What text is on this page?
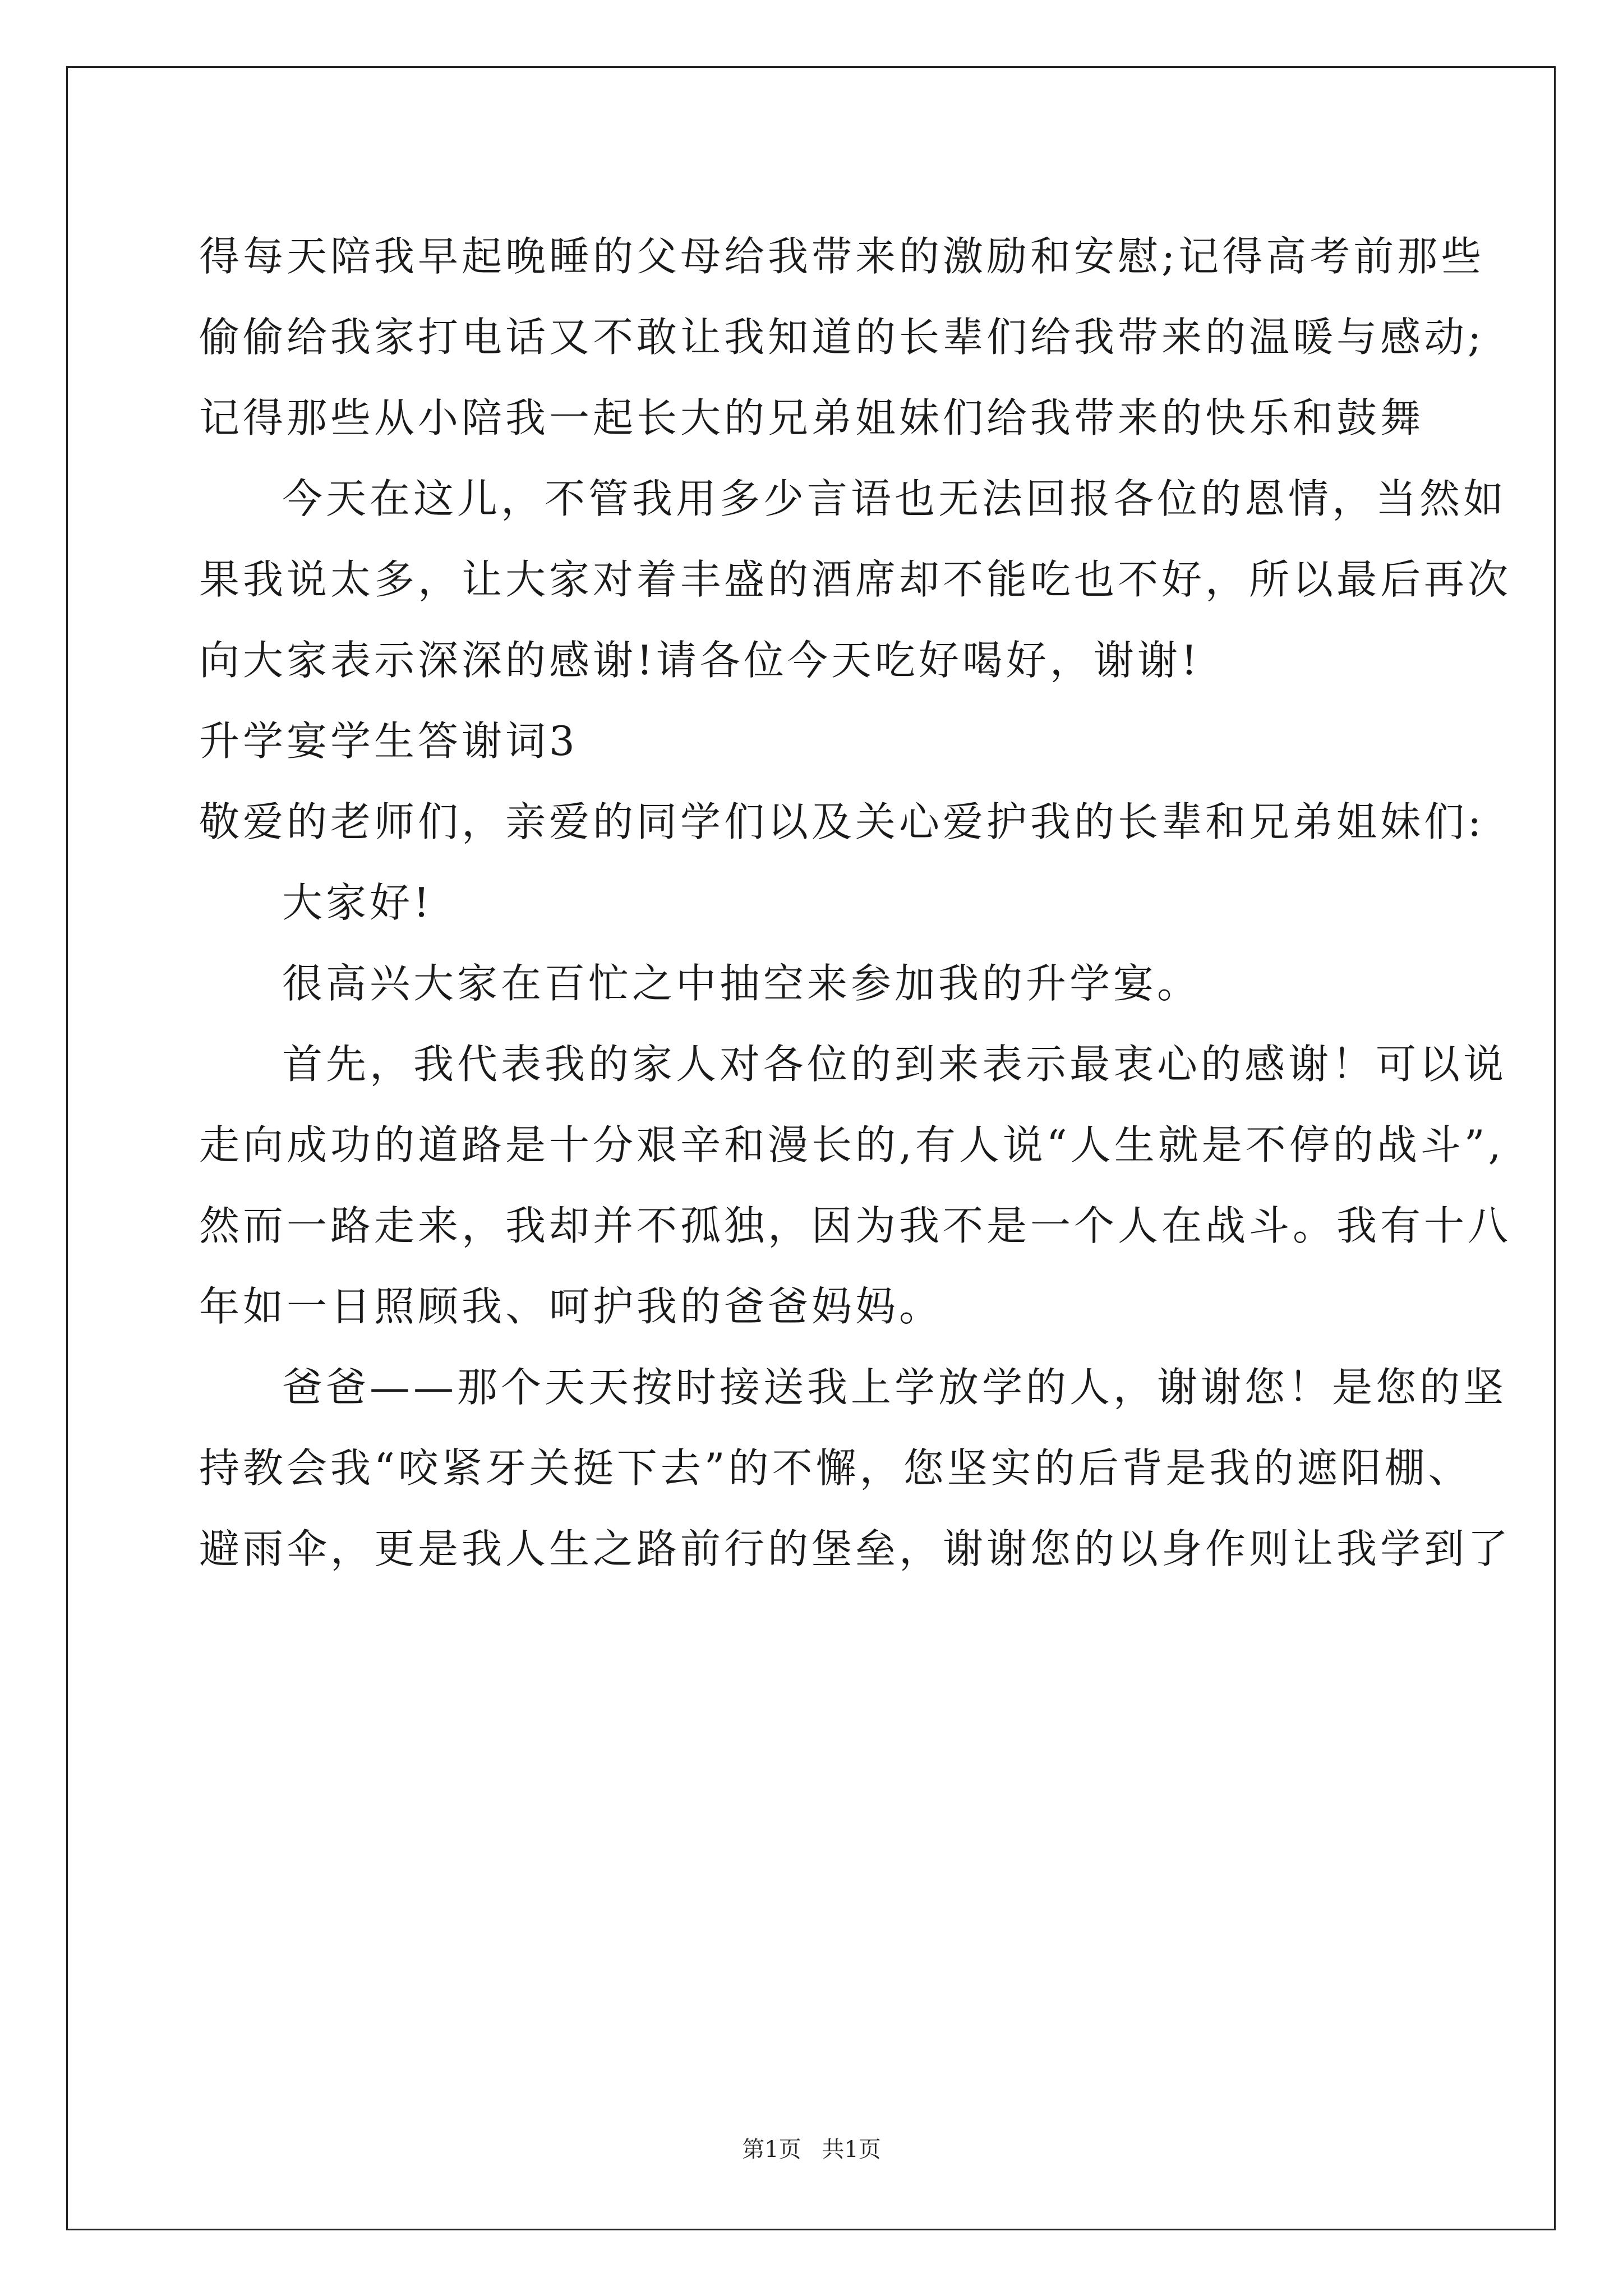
得每天陪我早起晚睡的父母给我带来的激励和安慰;记得高考前那些
偷偷给我家打电话又不敢让我知道的长辈们给我带来的温暖与感动;
记得那些从小陪我一起长大的兄弟姐妹们给我带来的快乐和鼓舞
今天在这儿，不管我用多少言语也无法回报各位的恩情，当然如
果我说太多，让大家对着丰盛的酒席却不能吃也不好，所以最后再次
向大家表示深深的感谢!请各位今天吃好喝好，谢谢!
升学宴学生答谢词3
敬爱的老师们，亲爱的同学们以及关心爱护我的长辈和兄弟姐妹们:
大家好!
很高兴大家在百忙之中抽空来参加我的升学宴。
首先，我代表我的家人对各位的到来表示最衷心的感谢！可以说
走向成功的道路是十分艰辛和漫长的,有人说“人生就是不停的战斗”,
然而一路走来，我却并不孤独，因为我不是一个人在战斗。我有十八
年如一日照顾我、呵护我的爸爸妈妈。
爸爸——那个天天按时接送我上学放学的人，谢谢您！是您的坚
持教会我“咬紧牙关挺下去”的不懈，您坚实的后背是我的遮阳棚、
避雨伞，更是我人生之路前行的堡垒，谢谢您的以身作则让我学到了
第1页 共1页
